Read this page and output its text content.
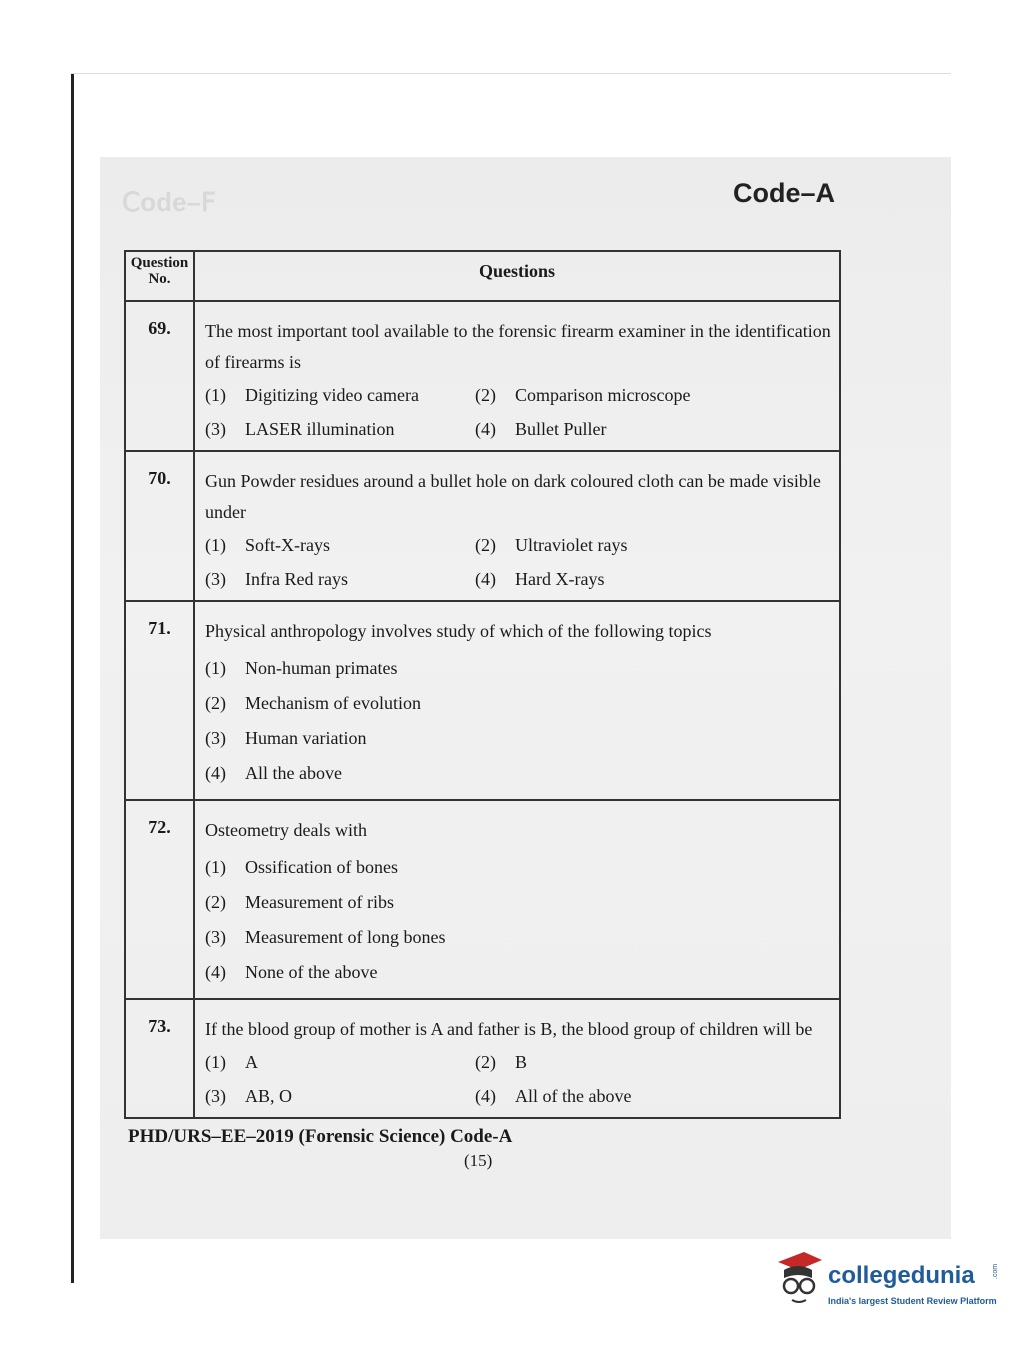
ꟻ–ɘboↃ	Code–A
Question No.	Questions
69.	The most important tool available to the forensic firearm examiner in the identification of firearms is
(1) Digitizing video camera (2) Comparison microscope
(3) LASER illumination (4) Bullet Puller

70.	Gun Powder residues around a bullet hole on dark coloured cloth can be made visible under
(1) Soft-X-rays (2) Ultraviolet rays
(3) Infra Red rays (4) Hard X-rays

71.	Physical anthropology involves study of which of the following topics
(1) Non-human primates
(2) Mechanism of evolution
(3) Human variation
(4) All the above

72.	Osteometry deals with
(1) Ossification of bones
(2) Measurement of ribs
(3) Measurement of long bones
(4) None of the above

73.	If the blood group of mother is A and father is B, the blood group of children will be
(1) A (2) B
(3) AB, O (4) All of the above
PHD/URS–EE–2019 (Forensic Science) Code-A
(15)
collegedunia .com
India's largest Student Review Platform
